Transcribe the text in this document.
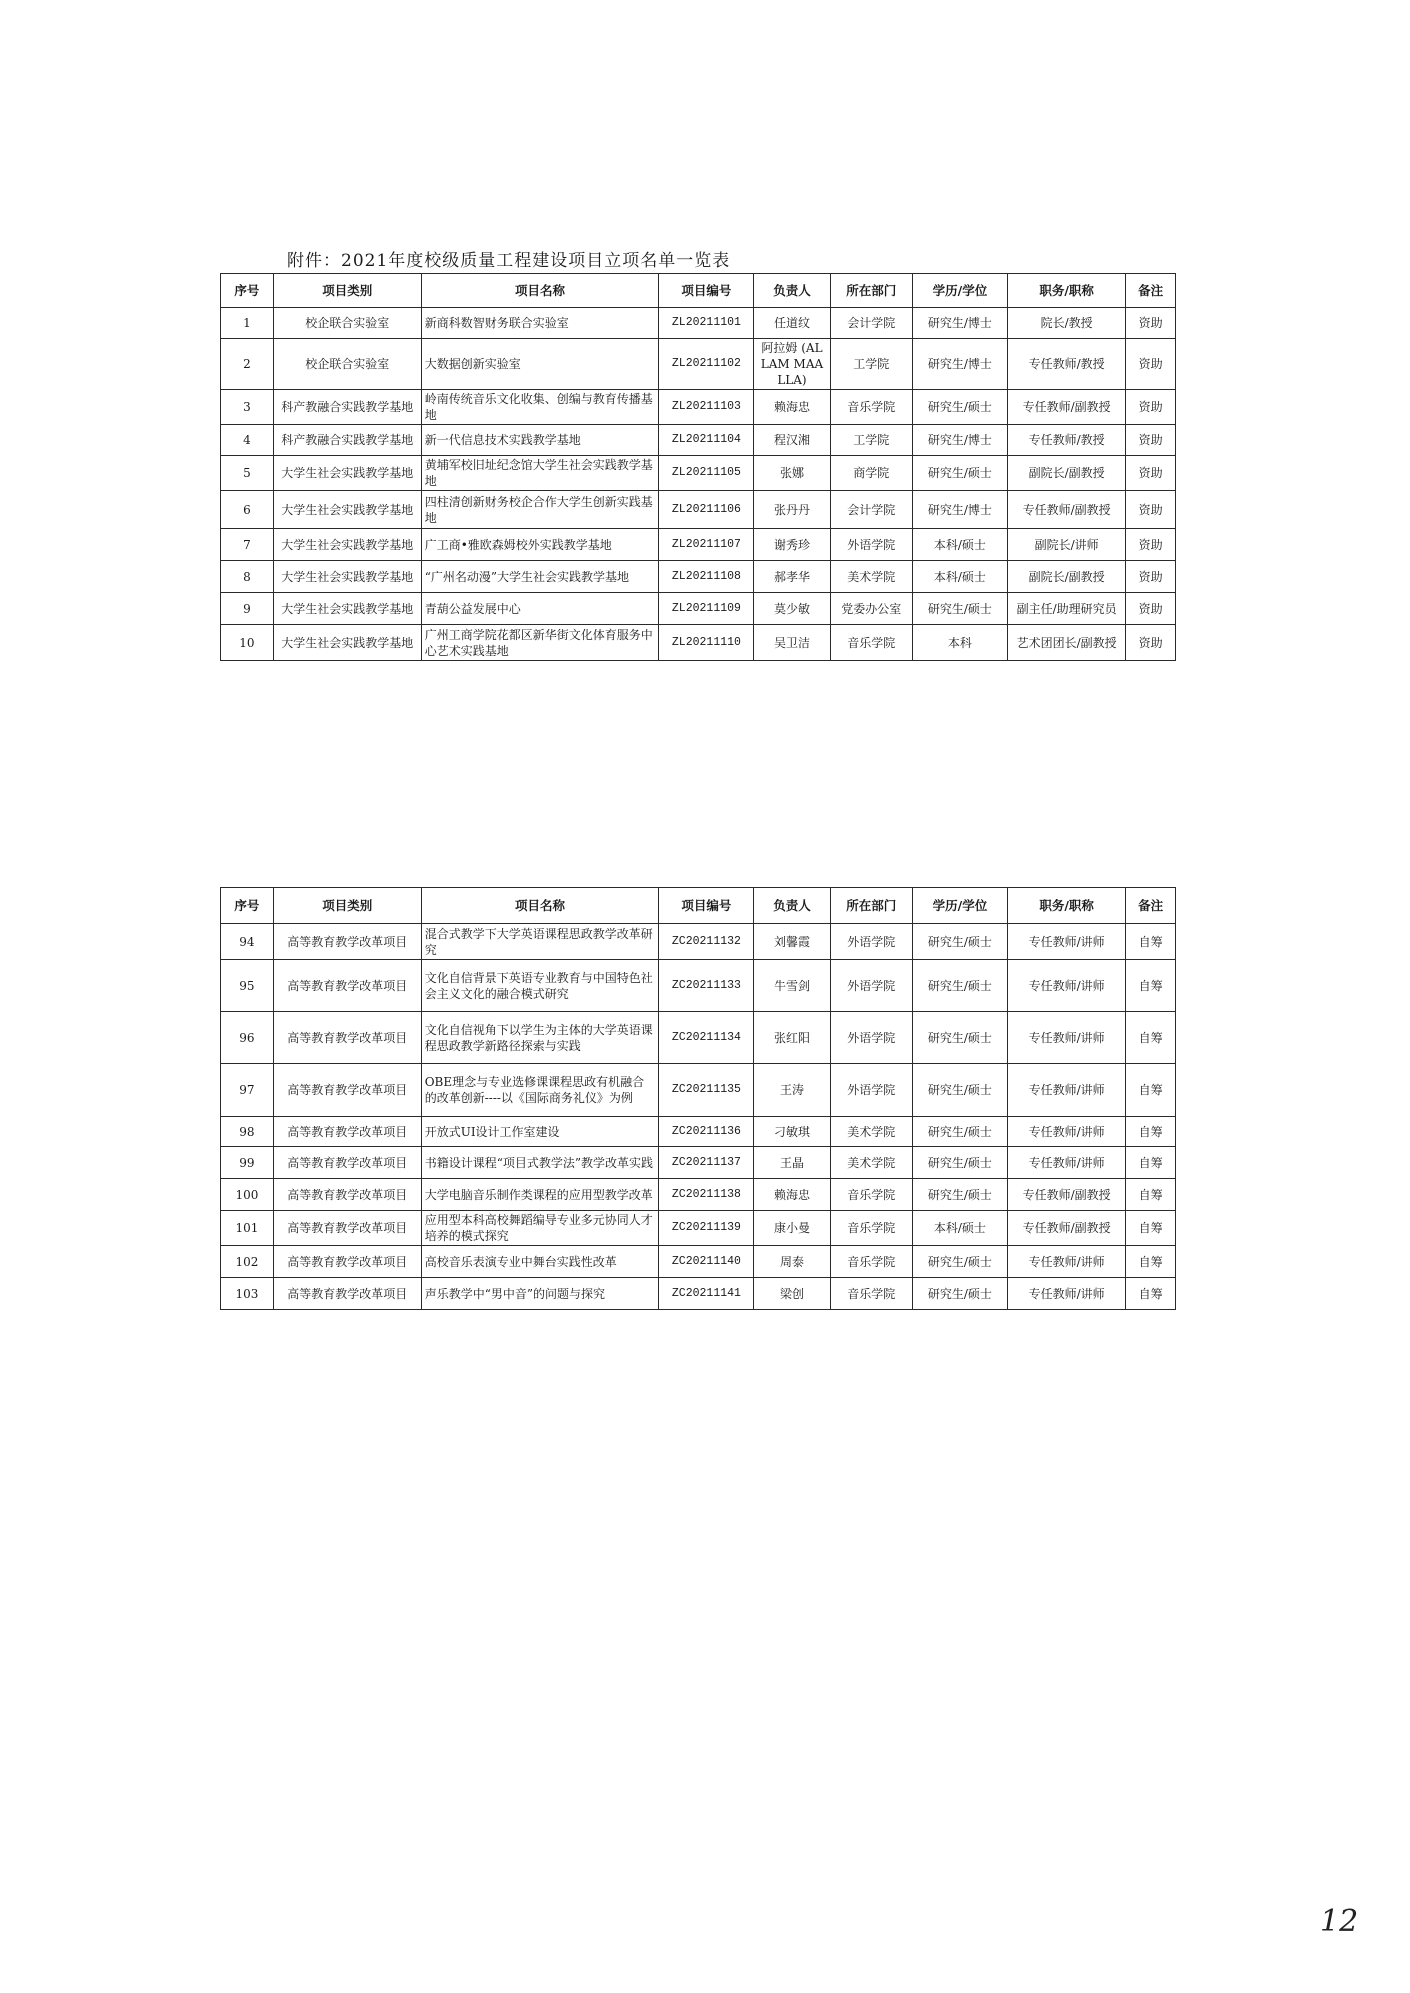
附件：2021年度校级质量工程建设项目立项名单一览表
序号	项目类别	项目名称	项目编号	负责人	所在部门	学历/学位	职务/职称	备注
1	校企联合实验室	新商科数智财务联合实验室	ZL20211101	任道纹	会计学院	研究生/博士	院长/教授	资助
2	校企联合实验室	大数据创新实验室	ZL20211102	阿拉姆 (ALLAM MAALLA)	工学院	研究生/博士	专任教师/教授	资助
3	科产教融合实践教学基地	岭南传统音乐文化收集、创编与教育传播基地	ZL20211103	赖海忠	音乐学院	研究生/硕士	专任教师/副教授	资助
4	科产教融合实践教学基地	新一代信息技术实践教学基地	ZL20211104	程汉湘	工学院	研究生/博士	专任教师/教授	资助
5	大学生社会实践教学基地	黄埔军校旧址纪念馆大学生社会实践教学基地	ZL20211105	张娜	商学院	研究生/硕士	副院长/副教授	资助
6	大学生社会实践教学基地	四柱清创新财务校企合作大学生创新实践基地	ZL20211106	张丹丹	会计学院	研究生/博士	专任教师/副教授	资助
7	大学生社会实践教学基地	广工商•雅欧森姆校外实践教学基地	ZL20211107	谢秀珍	外语学院	本科/硕士	副院长/讲师	资助
8	大学生社会实践教学基地	“广州名动漫”大学生社会实践教学基地	ZL20211108	郝孝华	美术学院	本科/硕士	副院长/副教授	资助
9	大学生社会实践教学基地	青葫公益发展中心	ZL20211109	莫少敏	党委办公室	研究生/硕士	副主任/助理研究员	资助
10	大学生社会实践教学基地	广州工商学院花都区新华街文化体育服务中心艺术实践基地	ZL20211110	吴卫洁	音乐学院	本科	艺术团团长/副教授	资助
序号	项目类别	项目名称	项目编号	负责人	所在部门	学历/学位	职务/职称	备注
94	高等教育教学改革项目	混合式教学下大学英语课程思政教学改革研究	ZC20211132	刘馨霞	外语学院	研究生/硕士	专任教师/讲师	自筹
95	高等教育教学改革项目	文化自信背景下英语专业教育与中国特色社会主义文化的融合模式研究	ZC20211133	牛雪剑	外语学院	研究生/硕士	专任教师/讲师	自筹
96	高等教育教学改革项目	文化自信视角下以学生为主体的大学英语课程思政教学新路径探索与实践	ZC20211134	张红阳	外语学院	研究生/硕士	专任教师/讲师	自筹
97	高等教育教学改革项目	OBE理念与专业选修课课程思政有机融合的改革创新----以《国际商务礼仪》为例	ZC20211135	王涛	外语学院	研究生/硕士	专任教师/讲师	自筹
98	高等教育教学改革项目	开放式UI设计工作室建设	ZC20211136	刁敏琪	美术学院	研究生/硕士	专任教师/讲师	自筹
99	高等教育教学改革项目	书籍设计课程“项目式教学法”教学改革实践	ZC20211137	王晶	美术学院	研究生/硕士	专任教师/讲师	自筹
100	高等教育教学改革项目	大学电脑音乐制作类课程的应用型教学改革	ZC20211138	赖海忠	音乐学院	研究生/硕士	专任教师/副教授	自筹
101	高等教育教学改革项目	应用型本科高校舞蹈编导专业多元协同人才培养的模式探究	ZC20211139	康小曼	音乐学院	本科/硕士	专任教师/副教授	自筹
102	高等教育教学改革项目	高校音乐表演专业中舞台实践性改革	ZC20211140	周泰	音乐学院	研究生/硕士	专任教师/讲师	自筹
103	高等教育教学改革项目	声乐教学中“男中音”的问题与探究	ZC20211141	梁创	音乐学院	研究生/硕士	专任教师/讲师	自筹
12
